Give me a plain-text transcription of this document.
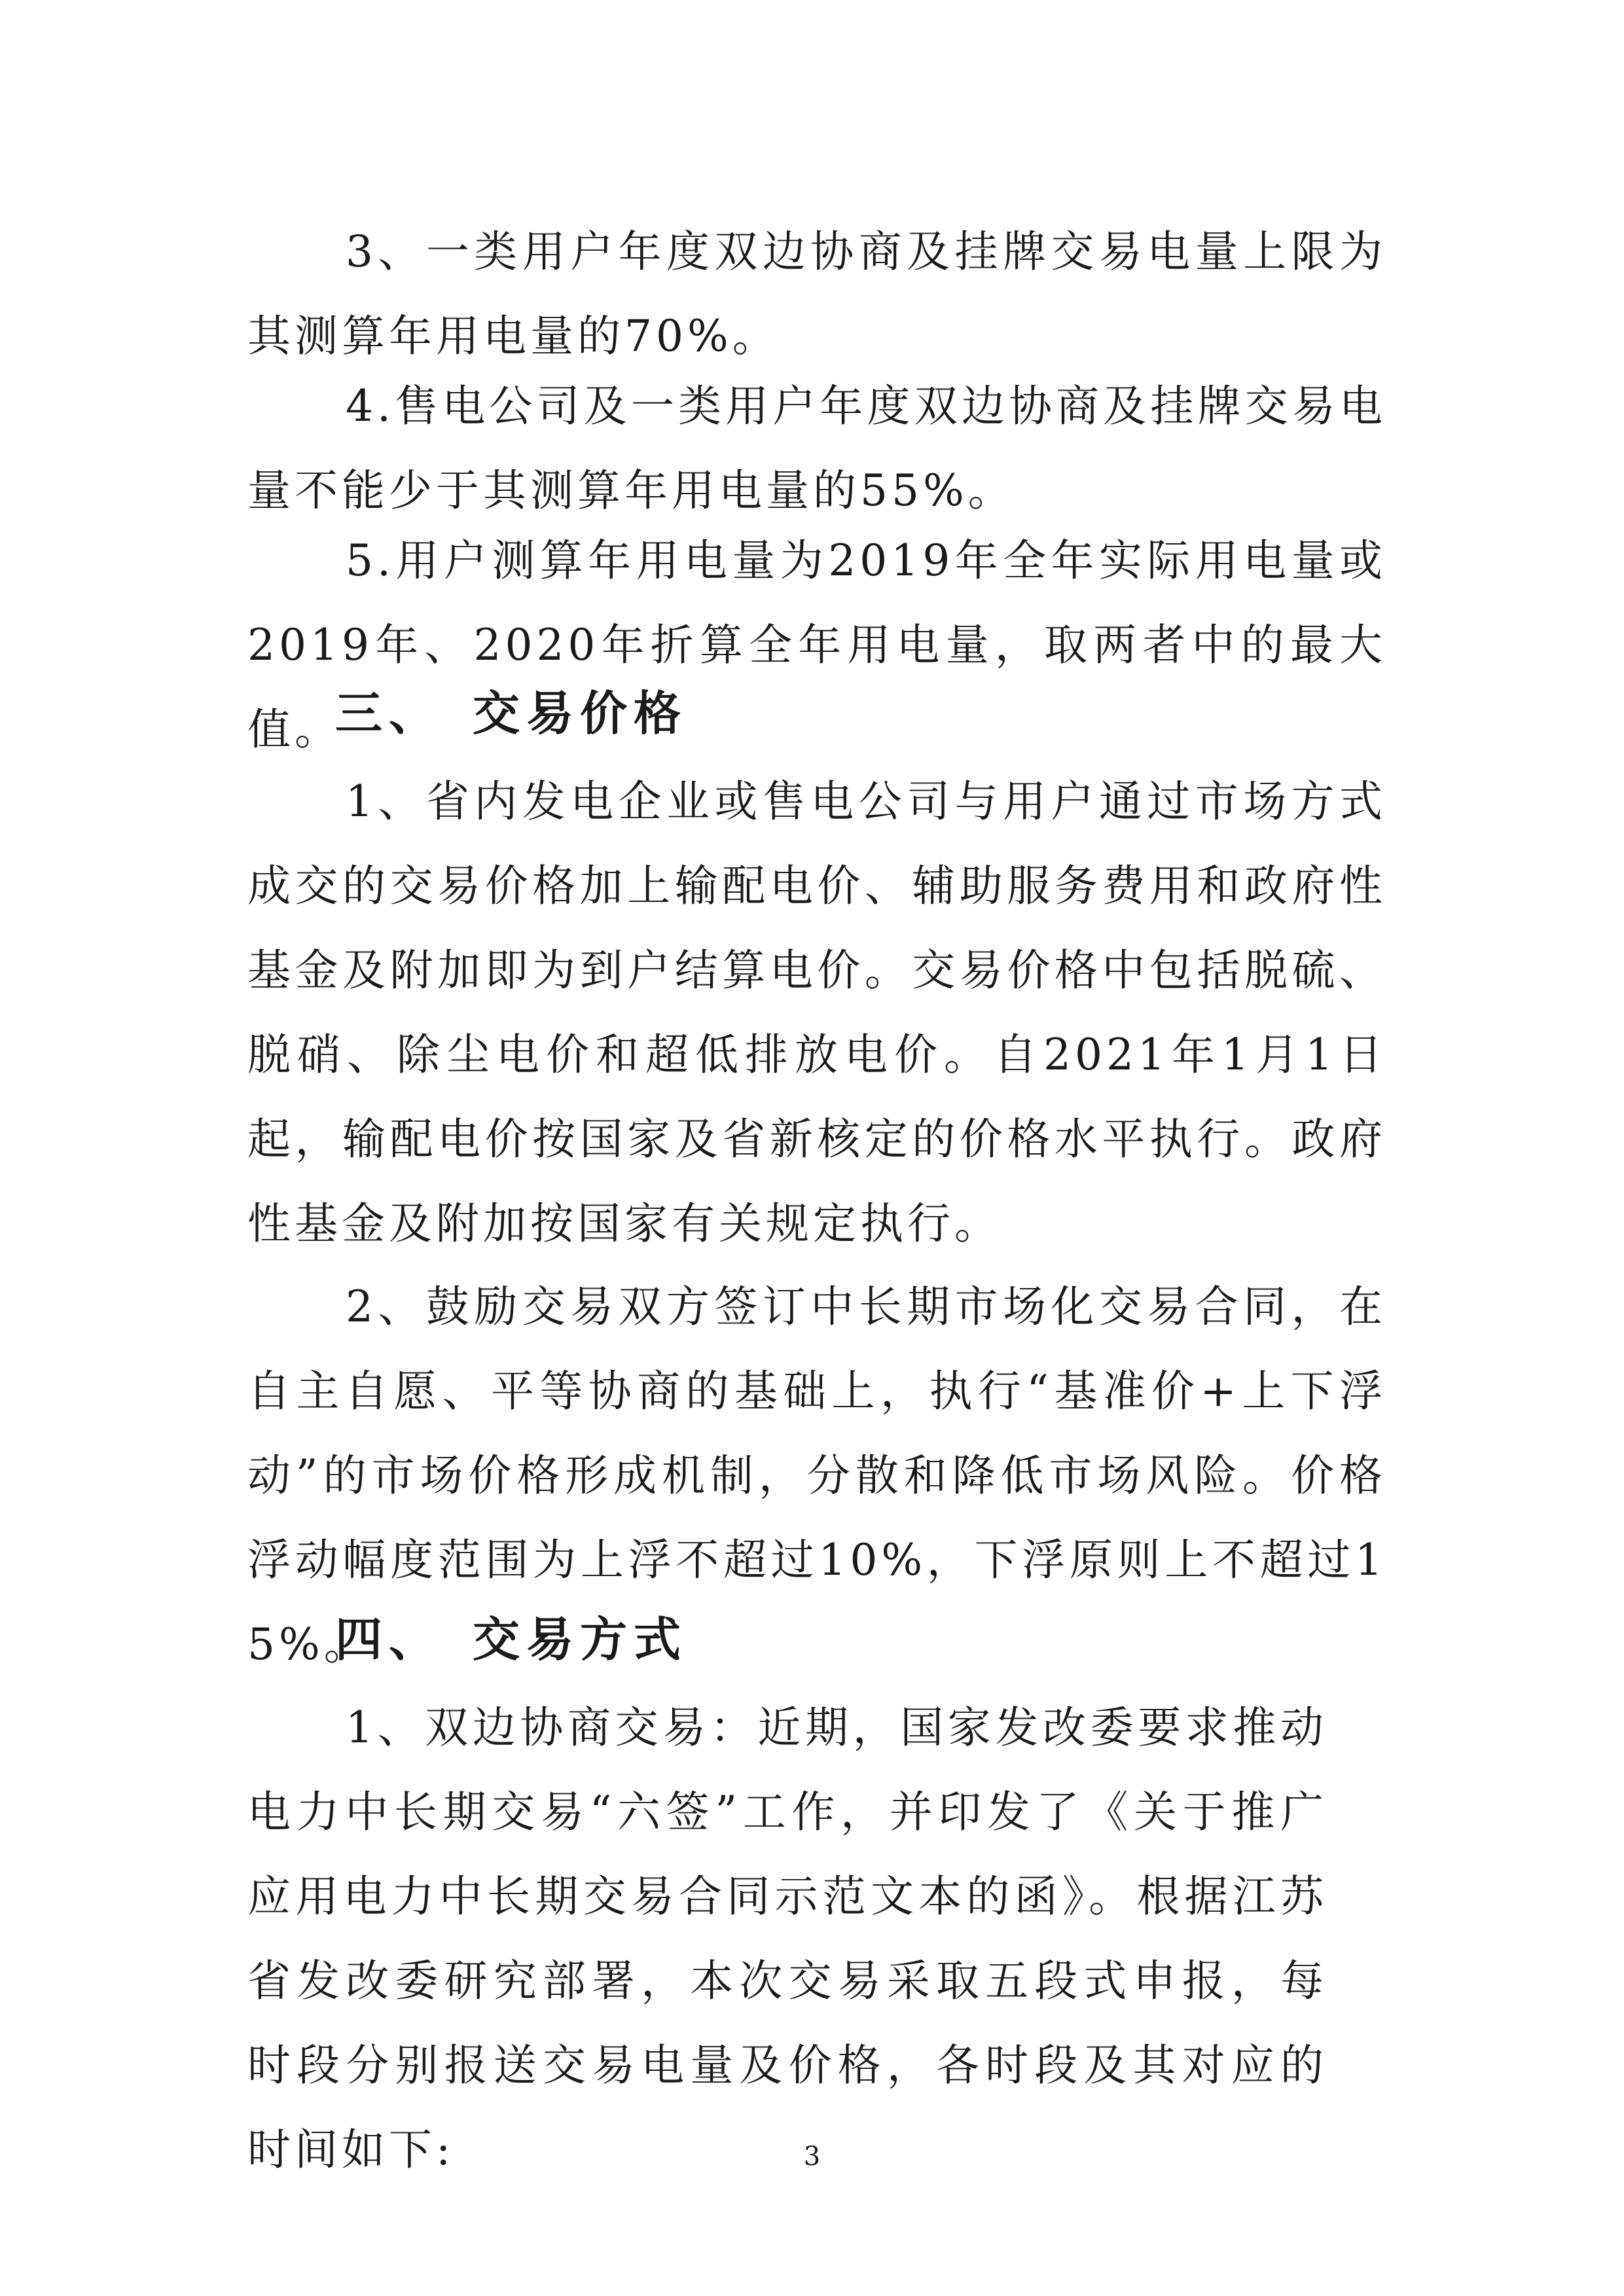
3、一类用户年度双边协商及挂牌交易电量上限为其测算年用电量的70%。

4.售电公司及一类用户年度双边协商及挂牌交易电量不能少于其测算年用电量的55%。

5.用户测算年用电量为2019年全年实际用电量或2019年、2020年折算全年用电量，取两者中的最大值。

三、 交易价格

1、省内发电企业或售电公司与用户通过市场方式成交的交易价格加上输配电价、辅助服务费用和政府性基金及附加即为到户结算电价。交易价格中包括脱硫、脱硝、除尘电价和超低排放电价。自2021年1月1日起，输配电价按国家及省新核定的价格水平执行。政府性基金及附加按国家有关规定执行。

2、鼓励交易双方签订中长期市场化交易合同，在自主自愿、平等协商的基础上，执行“基准价+上下浮动”的市场价格形成机制，分散和降低市场风险。价格浮动幅度范围为上浮不超过10%，下浮原则上不超过15%。

四、 交易方式

1、双边协商交易：近期，国家发改委要求推动电力中长期交易“六签”工作，并印发了《关于推广应用电力中长期交易合同示范文本的函》。根据江苏省发改委研究部署，本次交易采取五段式申报，每时段分别报送交易电量及价格，各时段及其对应的时间如下:	3
